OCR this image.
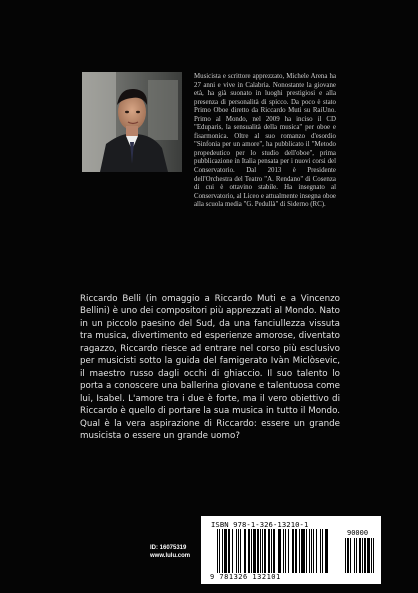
Musicista e scrittore apprezzato, Michele Arena ha 27 anni e vive in Calabria. Nonostante la giovane età, ha già suonato in luoghi prestigiosi e alla presenza di personalità di spicco. Da poco è stato Primo Oboe diretto da Riccardo Muti su RaiUno. Primo al Mondo, nel 2009 ha inciso il CD "Eduparis, la sensualità della musica" per oboe e fisarmonica. Oltre al suo romanzo d'esordio "Sinfonia per un amore", ha pubblicato il "Metodo propedeutico per lo studio dell'oboe", prima pubblicazione in Italia pensata per i nuovi corsi del Conservatorio. Dal 2013 è Presidente dell'Orchestra del Teatro "A. Rendano" di Cosenza di cui è ottavino stabile. Ha insegnato al Conservatorio, al Liceo e attualmente insegna oboe alla scuola media "G. Pedullà" di Siderno (RC).

Riccardo Belli (in omaggio a Riccardo Muti e a Vincenzo Bellini) è uno dei compositori più apprezzati al Mondo. Nato in un piccolo paesino del Sud, da una fanciullezza vissuta tra musica, divertimento ed esperienze amorose, diventato ragazzo, Riccardo riesce ad entrare nel corso più esclusivo per musicisti sotto la guida del famigerato Ivàn Miclòsevic, il maestro russo dagli occhi di ghiaccio. Il suo talento lo porta a conoscere una ballerina giovane e talentuosa come lui, Isabel. L'amore tra i due è forte, ma il vero obiettivo di Riccardo è quello di portare la sua musica in tutto il Mondo. Qual è la vera aspirazione di Riccardo: essere un grande musicista o essere un grande uomo?

ID: 16075319
www.lulu.com
ISBN 978-1-326-13210-1
90000
9 781326 132101
